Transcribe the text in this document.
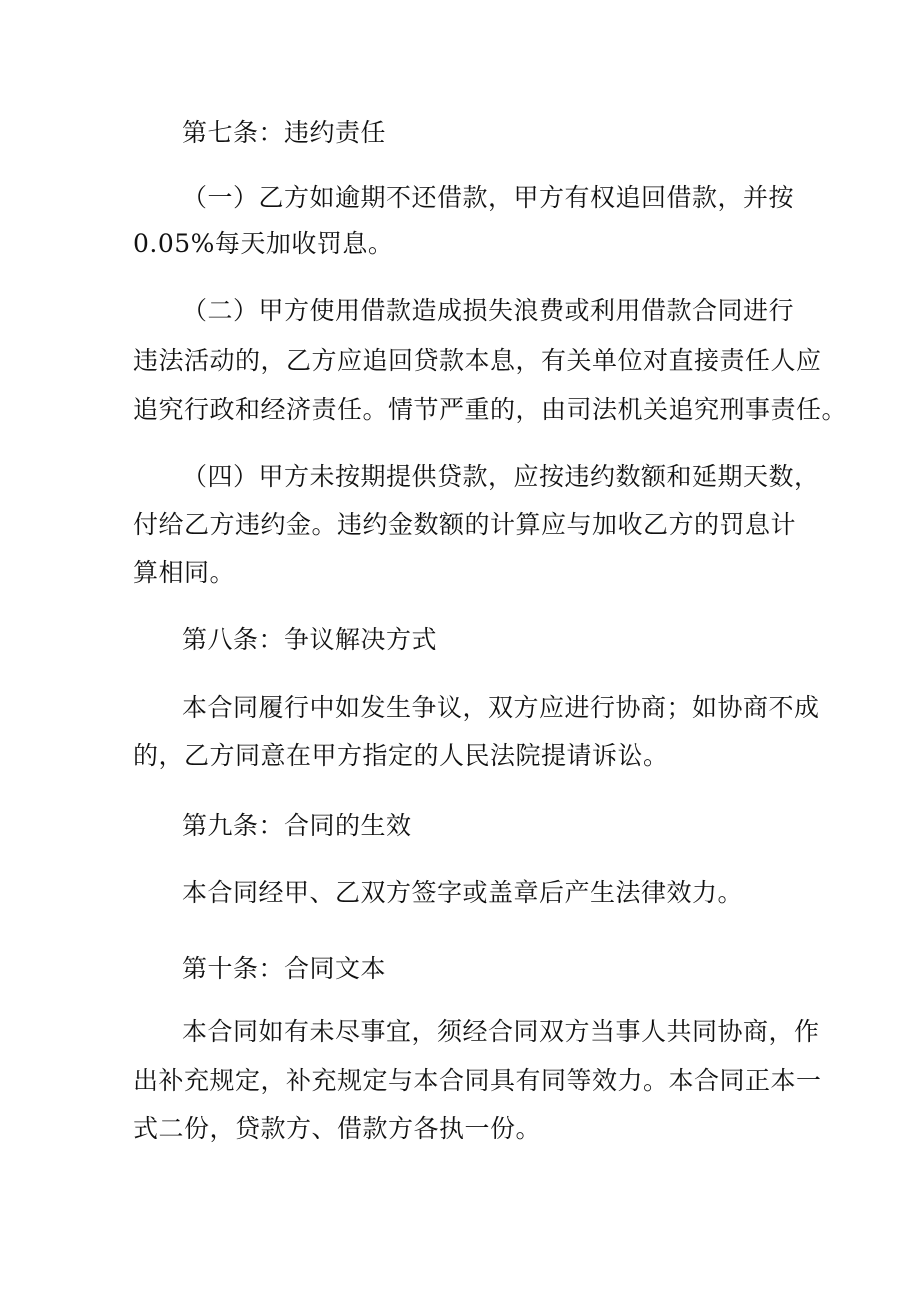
第七条：违约责任
（一）乙方如逾期不还借款，甲方有权追回借款，并按
0.05%每天加收罚息。
（二）甲方使用借款造成损失浪费或利用借款合同进行
违法活动的，乙方应追回贷款本息，有关单位对直接责任人应
追究行政和经济责任。情节严重的，由司法机关追究刑事责任。
（四）甲方未按期提供贷款，应按违约数额和延期天数，
付给乙方违约金。违约金数额的计算应与加收乙方的罚息计
算相同。
第八条：争议解决方式
本合同履行中如发生争议，双方应进行协商；如协商不成
的，乙方同意在甲方指定的人民法院提请诉讼。
第九条：合同的生效
本合同经甲、乙双方签字或盖章后产生法律效力。
第十条：合同文本
本合同如有未尽事宜，须经合同双方当事人共同协商，作
出补充规定，补充规定与本合同具有同等效力。本合同正本一
式二份，贷款方、借款方各执一份。
